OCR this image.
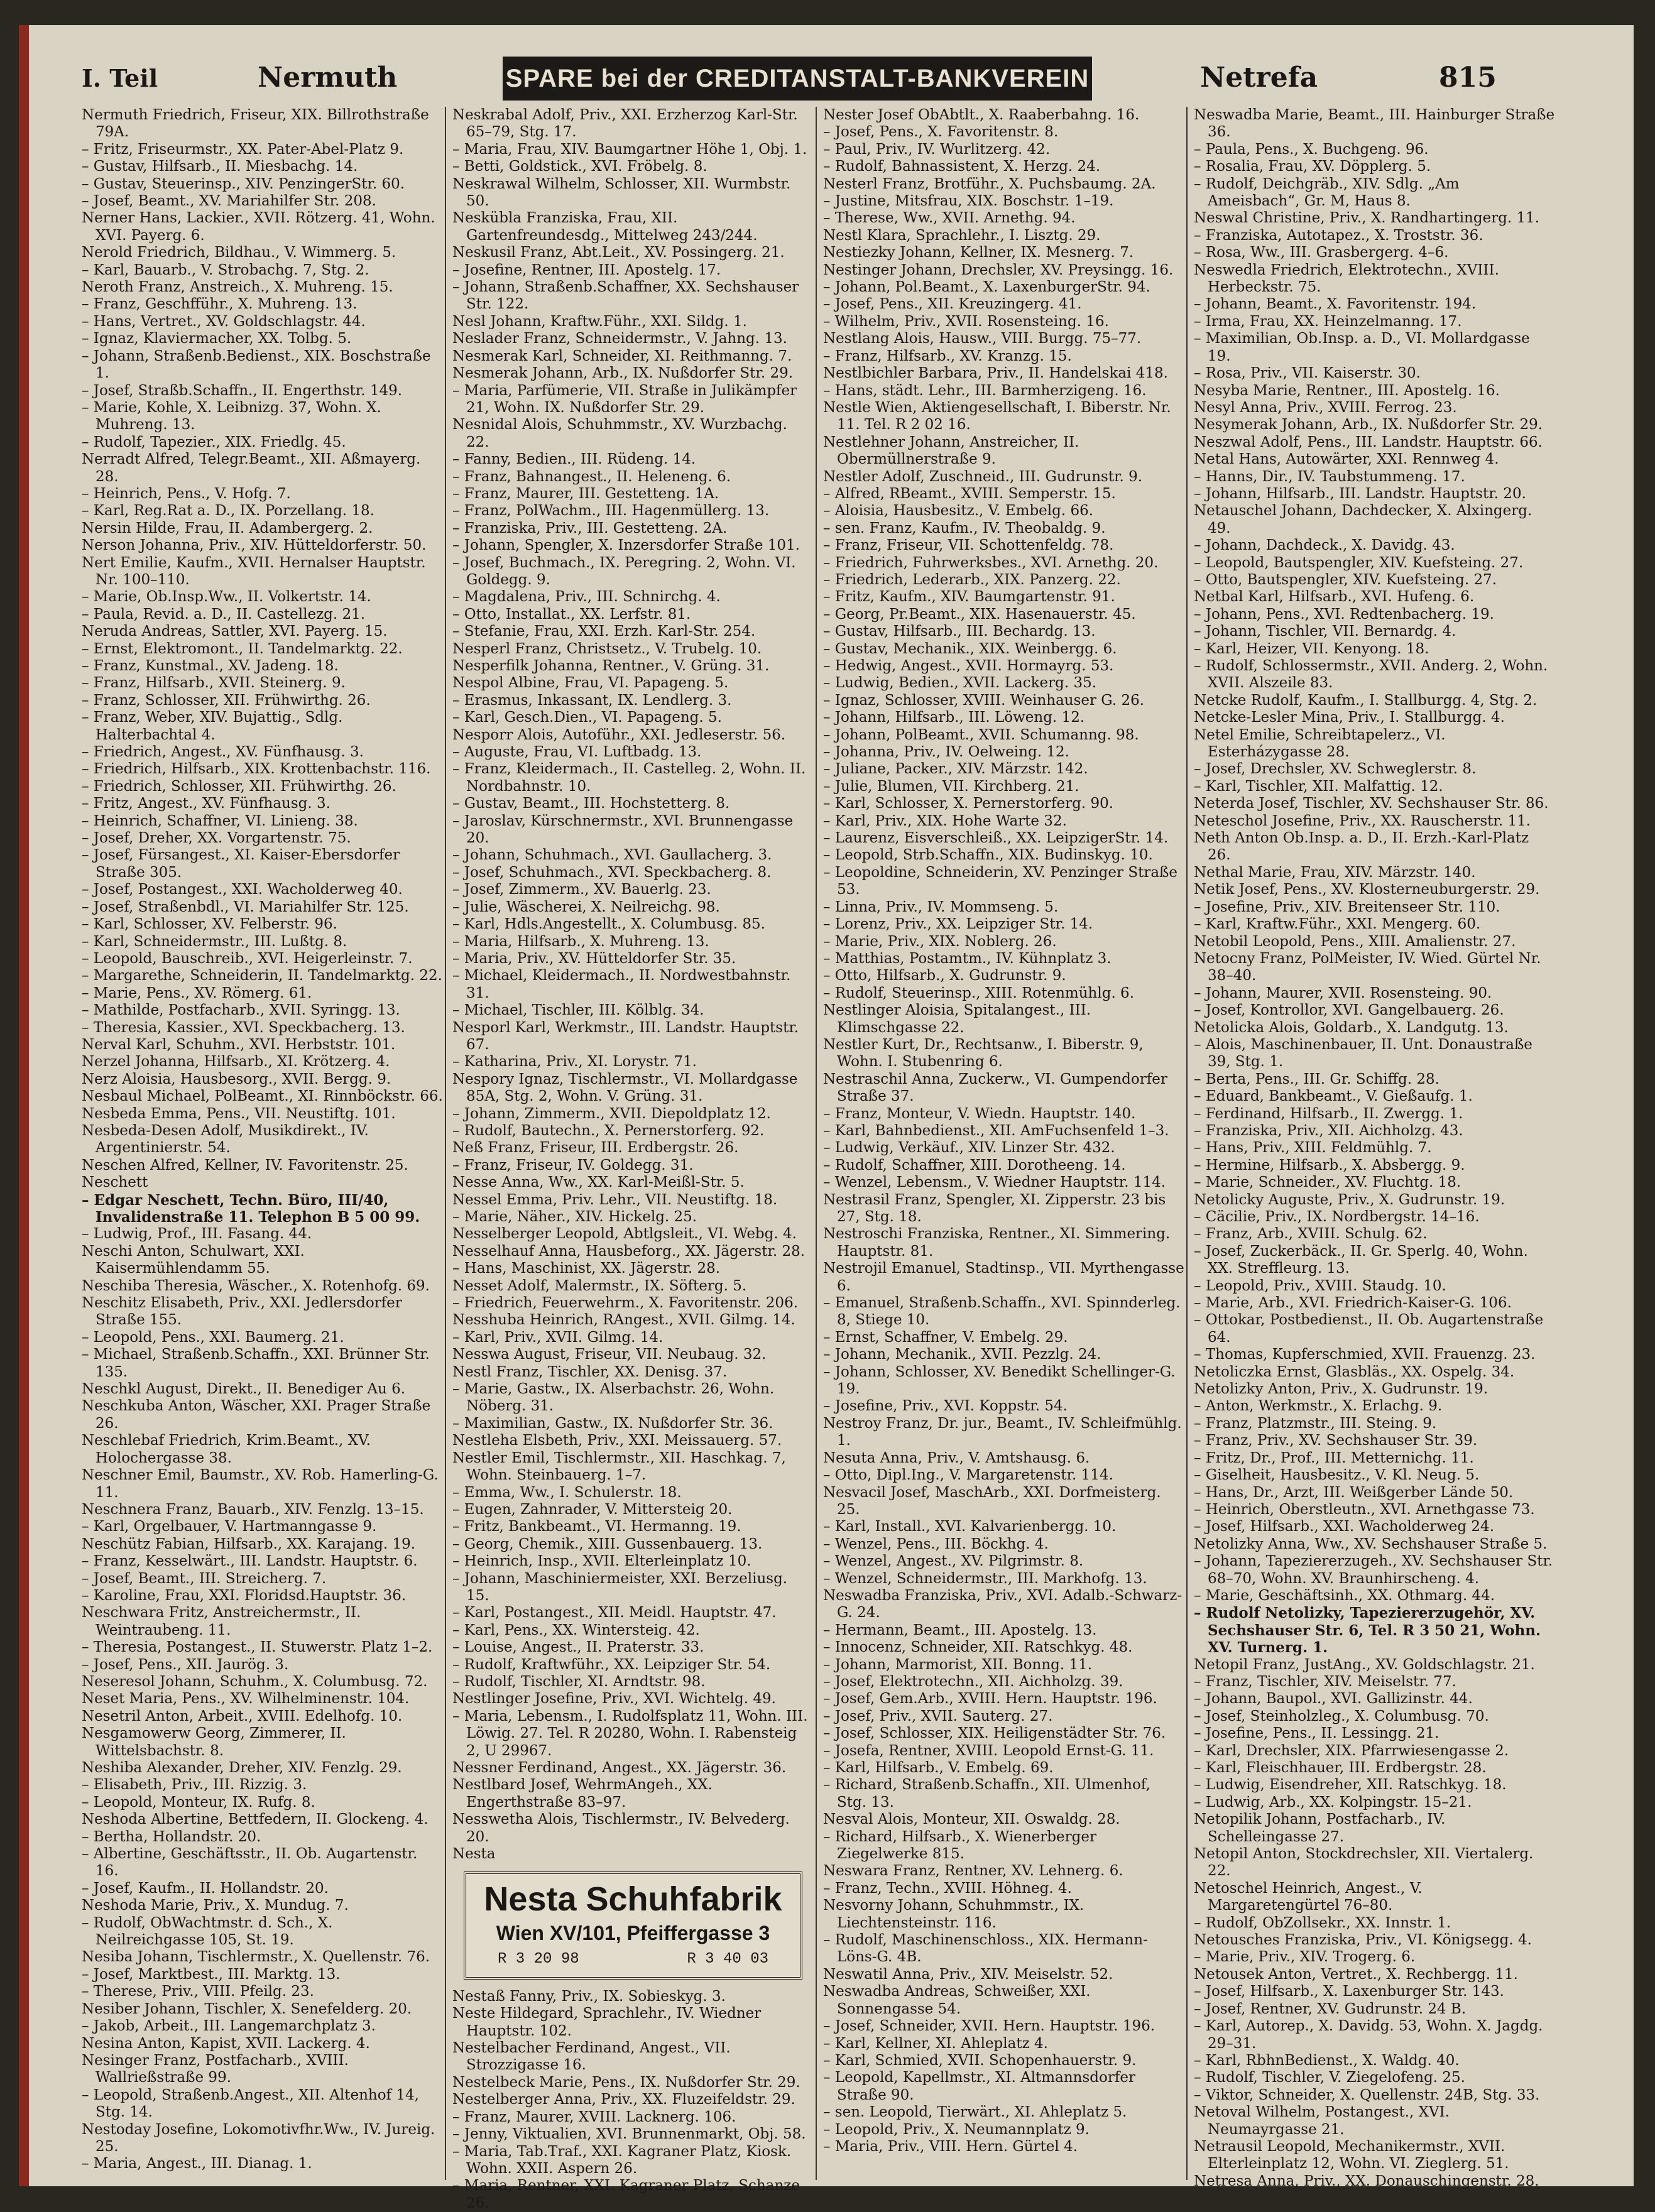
I. Teil	Nermuth	SPARE bei der CREDITANSTALT-BANKVEREIN	Netrefa	815

Nermuth Friedrich, Friseur, XIX. Billrothstraße 79A.

– Fritz, Friseurmstr., XX. Pater-Abel-Platz 9.

– Gustav, Hilfsarb., II. Miesbachg. 14.

– Gustav, Steuerinsp., XIV. PenzingerStr. 60.

– Josef, Beamt., XV. Mariahilfer Str. 208.

Nerner Hans, Lackier., XVII. Rötzerg. 41, Wohn. XVI. Payerg. 6.

Nerold Friedrich, Bildhau., V. Wimmerg. 5.

– Karl, Bauarb., V. Strobachg. 7, Stg. 2.

Neroth Franz, Anstreich., X. Muhreng. 15.

– Franz, Geschfführ., X. Muhreng. 13.

– Hans, Vertret., XV. Goldschlagstr. 44.

– Ignaz, Klaviermacher, XX. Tolbg. 5.

– Johann, Straßenb.Bedienst., XIX. Boschstraße 1.

– Josef, Straßb.Schaffn., II. Engerthstr. 149.

– Marie, Kohle, X. Leibnizg. 37, Wohn. X. Muhreng. 13.

– Rudolf, Tapezier., XIX. Friedlg. 45.

Nerradt Alfred, Telegr.Beamt., XII. Aßmayerg. 28.

– Heinrich, Pens., V. Hofg. 7.

– Karl, Reg.Rat a. D., IX. Porzellang. 18.

Nersin Hilde, Frau, II. Adambergerg. 2.

Nerson Johanna, Priv., XIV. Hütteldorferstr. 50.

Nert Emilie, Kaufm., XVII. Hernalser Hauptstr. Nr. 100–110.

– Marie, Ob.Insp.Ww., II. Volkertstr. 14.

– Paula, Revid. a. D., II. Castellezg. 21.

Neruda Andreas, Sattler, XVI. Payerg. 15.

– Ernst, Elektromont., II. Tandelmarktg. 22.

– Franz, Kunstmal., XV. Jadeng. 18.

– Franz, Hilfsarb., XVII. Steinerg. 9.

– Franz, Schlosser, XII. Frühwirthg. 26.

– Franz, Weber, XIV. Bujattig., Sdlg. Halterbachtal 4.

– Friedrich, Angest., XV. Fünfhausg. 3.

– Friedrich, Hilfsarb., XIX. Krottenbachstr. 116.

– Friedrich, Schlosser, XII. Frühwirthg. 26.

– Fritz, Angest., XV. Fünfhausg. 3.

– Heinrich, Schaffner, VI. Linieng. 38.

– Josef, Dreher, XX. Vorgartenstr. 75.

– Josef, Fürsangest., XI. Kaiser-Ebersdorfer Straße 305.

– Josef, Postangest., XXI. Wacholderweg 40.

– Josef, Straßenbdl., VI. Mariahilfer Str. 125.

– Karl, Schlosser, XV. Felberstr. 96.

– Karl, Schneidermstr., III. Lußtg. 8.

– Leopold, Bauschreib., XVI. Heigerleinstr. 7.

– Margarethe, Schneiderin, II. Tandelmarktg. 22.

– Marie, Pens., XV. Römerg. 61.

– Mathilde, Postfacharb., XVII. Syringg. 13.

– Theresia, Kassier., XVI. Speckbacherg. 13.

Nerval Karl, Schuhm., XVI. Herbststr. 101.

Nerzel Johanna, Hilfsarb., XI. Krötzerg. 4.

Nerz Aloisia, Hausbesorg., XVII. Bergg. 9.

Nesbaul Michael, PolBeamt., XI. Rinnböckstr. 66.

Nesbeda Emma, Pens., VII. Neustiftg. 101.

Nesbeda-Desen Adolf, Musikdirekt., IV. Argentinierstr. 54.

Neschen Alfred, Kellner, IV. Favoritenstr. 25.

Neschett

– Edgar Neschett, Techn. Büro, III/40, Invalidenstraße 11. Telephon B 5 00 99.

– Ludwig, Prof., III. Fasang. 44.

Neschi Anton, Schulwart, XXI. Kaisermühlendamm 55.

Neschiba Theresia, Wäscher., X. Rotenhofg. 69.

Neschitz Elisabeth, Priv., XXI. Jedlersdorfer Straße 155.

– Leopold, Pens., XXI. Baumerg. 21.

– Michael, Straßenb.Schaffn., XXI. Brünner Str. 135.

Neschkl August, Direkt., II. Benediger Au 6.

Neschkuba Anton, Wäscher, XXI. Prager Straße 26.

Neschlebaf Friedrich, Krim.Beamt., XV. Holochergasse 38.

Neschner Emil, Baumstr., XV. Rob. Hamerling-G. 11.

Neschnera Franz, Bauarb., XIV. Fenzlg. 13–15.

– Karl, Orgelbauer, V. Hartmanngasse 9.

Neschütz Fabian, Hilfsarb., XX. Karajang. 19.

– Franz, Kesselwärt., III. Landstr. Hauptstr. 6.

– Josef, Beamt., III. Streicherg. 7.

– Karoline, Frau, XXI. Floridsd.Hauptstr. 36.

Neschwara Fritz, Anstreichermstr., II. Weintraubeng. 11.

– Theresia, Postangest., II. Stuwerstr. Platz 1–2.

– Josef, Pens., XII. Jaurög. 3.

Neseresol Johann, Schuhm., X. Columbusg. 72.

Neset Maria, Pens., XV. Wilhelminenstr. 104.

Nesetril Anton, Arbeit., XVIII. Edelhofg. 10.

Nesgamowerw Georg, Zimmerer, II. Wittelsbachstr. 8.

Neshiba Alexander, Dreher, XIV. Fenzlg. 29.

– Elisabeth, Priv., III. Rizzig. 3.

– Leopold, Monteur, IX. Rufg. 8.

Neshoda Albertine, Bettfedern, II. Glockeng. 4.

– Bertha, Hollandstr. 20.

– Albertine, Geschäftsstr., II. Ob. Augartenstr. 16.

– Josef, Kaufm., II. Hollandstr. 20.

Neshoda Marie, Priv., X. Mundug. 7.

– Rudolf, ObWachtmstr. d. Sch., X. Neilreichgasse 105, St. 19.

Nesiba Johann, Tischlermstr., X. Quellenstr. 76.

– Josef, Marktbest., III. Marktg. 13.

– Therese, Priv., VIII. Pfeilg. 23.

Nesiber Johann, Tischler, X. Senefelderg. 20.

– Jakob, Arbeit., III. Langemarchplatz 3.

Nesina Anton, Kapist, XVII. Lackerg. 4.

Nesinger Franz, Postfacharb., XVIII. Wallrießstraße 99.

– Leopold, Straßenb.Angest., XII. Altenhof 14, Stg. 14.

Nestoday Josefine, Lokomotivfhr.Ww., IV. Jureig. 25.

– Maria, Angest., III. Dianag. 1.

Neskrabal Adolf, Priv., XXI. Erzherzog Karl-Str. 65–79, Stg. 17.

– Maria, Frau, XIV. Baumgartner Höhe 1, Obj. 1.

– Betti, Goldstick., XVI. Fröbelg. 8.

Neskrawal Wilhelm, Schlosser, XII. Wurmbstr. 50.

Neskübla Franziska, Frau, XII. Gartenfreundesdg., Mittelweg 243/244.

Neskusil Franz, Abt.Leit., XV. Possingerg. 21.

– Josefine, Rentner, III. Apostelg. 17.

– Johann, Straßenb.Schaffner, XX. Sechshauser Str. 122.

Nesl Johann, Kraftw.Führ., XXI. Sildg. 1.

Neslader Franz, Schneidermstr., V. Jahng. 13.

Nesmerak Karl, Schneider, XI. Reithmanng. 7.

Nesmerak Johann, Arb., IX. Nußdorfer Str. 29.

– Maria, Parfümerie, VII. Straße in Julikämpfer 21, Wohn. IX. Nußdorfer Str. 29.

Nesnidal Alois, Schuhmmstr., XV. Wurzbachg. 22.

– Fanny, Bedien., III. Rüdeng. 14.

– Franz, Bahnangest., II. Heleneng. 6.

– Franz, Maurer, III. Gestetteng. 1A.

– Franz, PolWachm., III. Hagenmüllerg. 13.

– Franziska, Priv., III. Gestetteng. 2A.

– Johann, Spengler, X. Inzersdorfer Straße 101.

– Josef, Buchmach., IX. Peregring. 2, Wohn. VI. Goldegg. 9.

– Magdalena, Priv., III. Schnirchg. 4.

– Otto, Installat., XX. Lerfstr. 81.

– Stefanie, Frau, XXI. Erzh. Karl-Str. 254.

Nesperl Franz, Christsetz., V. Trubelg. 10.

Nesperfilk Johanna, Rentner., V. Grüng. 31.

Nespol Albine, Frau, VI. Papageng. 5.

– Erasmus, Inkassant, IX. Lendlerg. 3.

– Karl, Gesch.Dien., VI. Papageng. 5.

Nesporr Alois, Autoführ., XXI. Jedleserstr. 56.

– Auguste, Frau, VI. Luftbadg. 13.

– Franz, Kleidermach., II. Castelleg. 2, Wohn. II. Nordbahnstr. 10.

– Gustav, Beamt., III. Hochstetterg. 8.

– Jaroslav, Kürschnermstr., XVI. Brunnengasse 20.

– Johann, Schuhmach., XVI. Gaullacherg. 3.

– Josef, Schuhmach., XVI. Speckbacherg. 8.

– Josef, Zimmerm., XV. Bauerlg. 23.

– Julie, Wäscherei, X. Neilreichg. 98.

– Karl, Hdls.Angestellt., X. Columbusg. 85.

– Maria, Hilfsarb., X. Muhreng. 13.

– Maria, Priv., XV. Hütteldorfer Str. 35.

– Michael, Kleidermach., II. Nordwestbahnstr. 31.

– Michael, Tischler, III. Kölblg. 34.

Nesporl Karl, Werkmstr., III. Landstr. Hauptstr. 67.

– Katharina, Priv., XI. Lorystr. 71.

Nespory Ignaz, Tischlermstr., VI. Mollardgasse 85A, Stg. 2, Wohn. V. Grüng. 31.

– Johann, Zimmerm., XVII. Diepoldplatz 12.

– Rudolf, Bautechn., X. Pernerstorferg. 92.

Neß Franz, Friseur, III. Erdbergstr. 26.

– Franz, Friseur, IV. Goldegg. 31.

Nesse Anna, Ww., XX. Karl-Meißl-Str. 5.

Nessel Emma, Priv. Lehr., VII. Neustiftg. 18.

– Marie, Näher., XIV. Hickelg. 25.

Nesselberger Leopold, Abtlgsleit., VI. Webg. 4.

Nesselhauf Anna, Hausbeforg., XX. Jägerstr. 28.

– Hans, Maschinist, XX. Jägerstr. 28.

Nesset Adolf, Malermstr., IX. Söfterg. 5.

– Friedrich, Feuerwehrm., X. Favoritenstr. 206.

Nesshuba Heinrich, RAngest., XVII. Gilmg. 14.

– Karl, Priv., XVII. Gilmg. 14.

Nesswa August, Friseur, VII. Neubaug. 32.

Nestl Franz, Tischler, XX. Denisg. 37.

– Marie, Gastw., IX. Alserbachstr. 26, Wohn. Nöberg. 31.

– Maximilian, Gastw., IX. Nußdorfer Str. 36.

Nestleha Elsbeth, Priv., XXI. Meissauerg. 57.

Nestler Emil, Tischlermstr., XII. Haschkag. 7, Wohn. Steinbauerg. 1–7.

– Emma, Ww., I. Schulerstr. 18.

– Eugen, Zahnrader, V. Mittersteig 20.

– Fritz, Bankbeamt., VI. Hermanng. 19.

– Georg, Chemik., XIII. Gussenbauerg. 13.

– Heinrich, Insp., XVII. Elterleinplatz 10.

– Johann, Maschiniermeister, XXI. Berzeliusg. 15.

– Karl, Postangest., XII. Meidl. Hauptstr. 47.

– Karl, Pens., XX. Wintersteig. 42.

– Louise, Angest., II. Praterstr. 33.

– Rudolf, Kraftwführ., XX. Leipziger Str. 54.

– Rudolf, Tischler, XI. Arndtstr. 98.

Nestlinger Josefine, Priv., XVI. Wichtelg. 49.

– Maria, Lebensm., I. Rudolfsplatz 11, Wohn. III. Löwig. 27. Tel. R 20280, Wohn. I. Rabensteig 2, U 29967.

Nessner Ferdinand, Angest., XX. Jägerstr. 36.

Nestlbard Josef, WehrmAngeh., XX. Engerthstraße 83–97.

Nesswetha Alois, Tischlermstr., IV. Belvederg. 20.

Nesta

Nesta Schuhfabrik
Wien XV/101, Pfeiffergasse 3
R 3 20 98	R 3 40 03

Nestaß Fanny, Priv., IX. Sobieskyg. 3.

Neste Hildegard, Sprachlehr., IV. Wiedner Hauptstr. 102.

Nestelbacher Ferdinand, Angest., VII. Strozzigasse 16.

Nestelbeck Marie, Pens., IX. Nußdorfer Str. 29.

Nestelberger Anna, Priv., XX. Fluzeifeldstr. 29.

– Franz, Maurer, XVIII. Lacknerg. 106.

– Jenny, Viktualien, XVI. Brunnenmarkt, Obj. 58.

– Maria, Tab.Traf., XXI. Kagraner Platz, Kiosk. Wohn. XXII. Aspern 26.

– Maria, Rentner, XXI. Kagraner Platz, Schanze 26.

Nester Josef ObAbtlt., X. Raaberbahng. 16.

– Josef, Pens., X. Favoritenstr. 8.

– Paul, Priv., IV. Wurlitzerg. 42.

– Rudolf, Bahnassistent, X. Herzg. 24.

Nesterl Franz, Brotführ., X. Puchsbaumg. 2A.

– Justine, Mitsfrau, XIX. Boschstr. 1–19.

– Therese, Ww., XVII. Arnethg. 94.

Nestl Klara, Sprachlehr., I. Lisztg. 29.

Nestiezky Johann, Kellner, IX. Mesnerg. 7.

Nestinger Johann, Drechsler, XV. Preysingg. 16.

– Johann, Pol.Beamt., X. LaxenburgerStr. 94.

– Josef, Pens., XII. Kreuzingerg. 41.

– Wilhelm, Priv., XVII. Rosensteing. 16.

Nestlang Alois, Hausw., VIII. Burgg. 75–77.

– Franz, Hilfsarb., XV. Kranzg. 15.

Nestlbichler Barbara, Priv., II. Handelskai 418.

– Hans, städt. Lehr., III. Barmherzigeng. 16.

Nestle Wien, Aktiengesellschaft, I. Biberstr. Nr. 11. Tel. R 2 02 16.

Nestlehner Johann, Anstreicher, II. Obermüllnerstraße 9.

Nestler Adolf, Zuschneid., III. Gudrunstr. 9.

– Alfred, RBeamt., XVIII. Semperstr. 15.

– Aloisia, Hausbesitz., V. Embelg. 66.

– sen. Franz, Kaufm., IV. Theobaldg. 9.

– Franz, Friseur, VII. Schottenfeldg. 78.

– Friedrich, Fuhrwerksbes., XVI. Arnethg. 20.

– Friedrich, Lederarb., XIX. Panzerg. 22.

– Fritz, Kaufm., XIV. Baumgartenstr. 91.

– Georg, Pr.Beamt., XIX. Hasenauerstr. 45.

– Gustav, Hilfsarb., III. Bechardg. 13.

– Gustav, Mechanik., XIX. Weinbergg. 6.

– Hedwig, Angest., XVII. Hormayrg. 53.

– Ludwig, Bedien., XVII. Lackerg. 35.

– Ignaz, Schlosser, XVIII. Weinhauser G. 26.

– Johann, Hilfsarb., III. Löweng. 12.

– Johann, PolBeamt., XVII. Schumanng. 98.

– Johanna, Priv., IV. Oelweing. 12.

– Juliane, Packer., XIV. Märzstr. 142.

– Julie, Blumen, VII. Kirchberg. 21.

– Karl, Schlosser, X. Pernerstorferg. 90.

– Karl, Priv., XIX. Hohe Warte 32.

– Laurenz, Eisverschleiß., XX. LeipzigerStr. 14.

– Leopold, Strb.Schaffn., XIX. Budinskyg. 10.

– Leopoldine, Schneiderin, XV. Penzinger Straße 53.

– Linna, Priv., IV. Mommseng. 5.

– Lorenz, Priv., XX. Leipziger Str. 14.

– Marie, Priv., XIX. Noblerg. 26.

– Matthias, Postamtm., IV. Kühnplatz 3.

– Otto, Hilfsarb., X. Gudrunstr. 9.

– Rudolf, Steuerinsp., XIII. Rotenmühlg. 6.

Nestlinger Aloisia, Spitalangest., III. Klimschgasse 22.

Nestler Kurt, Dr., Rechtsanw., I. Biberstr. 9, Wohn. I. Stubenring 6.

Nestraschil Anna, Zuckerw., VI. Gumpendorfer Straße 37.

– Franz, Monteur, V. Wiedn. Hauptstr. 140.

– Karl, Bahnbedienst., XII. AmFuchsenfeld 1–3.

– Ludwig, Verkäuf., XIV. Linzer Str. 432.

– Rudolf, Schaffner, XIII. Dorotheeng. 14.

– Wenzel, Lebensm., V. Wiedner Hauptstr. 114.

Nestrasil Franz, Spengler, XI. Zipperstr. 23 bis 27, Stg. 18.

Nestroschi Franziska, Rentner., XI. Simmering. Hauptstr. 81.

Nestrojil Emanuel, Stadtinsp., VII. Myrthengasse 6.

– Emanuel, Straßenb.Schaffn., XVI. Spinnderleg. 8, Stiege 10.

– Ernst, Schaffner, V. Embelg. 29.

– Johann, Mechanik., XVII. Pezzlg. 24.

– Johann, Schlosser, XV. Benedikt Schellinger-G. 19.

– Josefine, Priv., XVI. Koppstr. 54.

Nestroy Franz, Dr. jur., Beamt., IV. Schleifmühlg. 1.

Nesuta Anna, Priv., V. Amtshausg. 6.

– Otto, Dipl.Ing., V. Margaretenstr. 114.

Nesvacil Josef, MaschArb., XXI. Dorfmeisterg. 25.

– Karl, Install., XVI. Kalvarienbergg. 10.

– Wenzel, Pens., III. Böckhg. 4.

– Wenzel, Angest., XV. Pilgrimstr. 8.

– Wenzel, Schneidermstr., III. Markhofg. 13.

Neswadba Franziska, Priv., XVI. Adalb.-Schwarz-G. 24.

– Hermann, Beamt., III. Apostelg. 13.

– Innocenz, Schneider, XII. Ratschkyg. 48.

– Johann, Marmorist, XII. Bonng. 11.

– Josef, Elektrotechn., XII. Aichholzg. 39.

– Josef, Gem.Arb., XVIII. Hern. Hauptstr. 196.

– Josef, Priv., XVII. Sauterg. 27.

– Josef, Schlosser, XIX. Heiligenstädter Str. 76.

– Josefa, Rentner, XVIII. Leopold Ernst-G. 11.

– Karl, Hilfsarb., V. Embelg. 69.

– Richard, Straßenb.Schaffn., XII. Ulmenhof, Stg. 13.

Nesval Alois, Monteur, XII. Oswaldg. 28.

– Richard, Hilfsarb., X. Wienerberger Ziegelwerke 815.

Neswara Franz, Rentner, XV. Lehnerg. 6.

– Franz, Techn., XVIII. Höhneg. 4.

Nesvorny Johann, Schuhmmstr., IX. Liechtensteinstr. 116.

– Rudolf, Maschinenschloss., XIX. Hermann-Löns-G. 4B.

Neswatil Anna, Priv., XIV. Meiselstr. 52.

Neswadba Andreas, Schweißer, XXI. Sonnengasse 54.

– Josef, Schneider, XVII. Hern. Hauptstr. 196.

– Karl, Kellner, XI. Ahleplatz 4.

– Karl, Schmied, XVII. Schopenhauerstr. 9.

– Leopold, Kapellmstr., XI. Altmannsdorfer Straße 90.

– sen. Leopold, Tierwärt., XI. Ahleplatz 5.

– Leopold, Priv., X. Neumannplatz 9.

– Maria, Priv., VIII. Hern. Gürtel 4.

Neswadba Marie, Beamt., III. Hainburger Straße 36.

– Paula, Pens., X. Buchgeng. 96.

– Rosalia, Frau, XV. Döpplerg. 5.

– Rudolf, Deichgräb., XIV. Sdlg. „Am Ameisbach“, Gr. M, Haus 8.

Neswal Christine, Priv., X. Randhartingerg. 11.

– Franziska, Autotapez., X. Troststr. 36.

– Rosa, Ww., III. Grasbergerg. 4–6.

Neswedla Friedrich, Elektrotechn., XVIII. Herbeckstr. 75.

– Johann, Beamt., X. Favoritenstr. 194.

– Irma, Frau, XX. Heinzelmanng. 17.

– Maximilian, Ob.Insp. a. D., VI. Mollardgasse 19.

– Rosa, Priv., VII. Kaiserstr. 30.

Nesyba Marie, Rentner., III. Apostelg. 16.

Nesyl Anna, Priv., XVIII. Ferrog. 23.

Nesymerak Johann, Arb., IX. Nußdorfer Str. 29.

Neszwal Adolf, Pens., III. Landstr. Hauptstr. 66.

Netal Hans, Autowärter, XXI. Rennweg 4.

– Hanns, Dir., IV. Taubstummeng. 17.

– Johann, Hilfsarb., III. Landstr. Hauptstr. 20.

Netauschel Johann, Dachdecker, X. Alxingerg. 49.

– Johann, Dachdeck., X. Davidg. 43.

– Leopold, Bautspengler, XIV. Kuefsteing. 27.

– Otto, Bautspengler, XIV. Kuefsteing. 27.

Netbal Karl, Hilfsarb., XVI. Hufeng. 6.

– Johann, Pens., XVI. Redtenbacherg. 19.

– Johann, Tischler, VII. Bernardg. 4.

– Karl, Heizer, VII. Kenyong. 18.

– Rudolf, Schlossermstr., XVII. Anderg. 2, Wohn. XVII. Alszeile 83.

Netcke Rudolf, Kaufm., I. Stallburgg. 4, Stg. 2.

Netcke-Lesler Mina, Priv., I. Stallburgg. 4.

Netel Emilie, Schreibtapelerz., VI. Esterházygasse 28.

– Josef, Drechsler, XV. Schweglerstr. 8.

– Karl, Tischler, XII. Malfattig. 12.

Neterda Josef, Tischler, XV. Sechshauser Str. 86.

Neteschol Josefine, Priv., XX. Rauscherstr. 11.

Neth Anton Ob.Insp. a. D., II. Erzh.-Karl-Platz 26.

Nethal Marie, Frau, XIV. Märzstr. 140.

Netik Josef, Pens., XV. Klosterneuburgerstr. 29.

– Josefine, Priv., XIV. Breitenseer Str. 110.

– Karl, Kraftw.Führ., XXI. Mengerg. 60.

Netobil Leopold, Pens., XIII. Amalienstr. 27.

Netocny Franz, PolMeister, IV. Wied. Gürtel Nr. 38–40.

– Johann, Maurer, XVII. Rosensteing. 90.

– Josef, Kontrollor, XVI. Gangelbauerg. 26.

Netolicka Alois, Goldarb., X. Landgutg. 13.

– Alois, Maschinenbauer, II. Unt. Donaustraße 39, Stg. 1.

– Berta, Pens., III. Gr. Schiffg. 28.

– Eduard, Bankbeamt., V. Gießaufg. 1.

– Ferdinand, Hilfsarb., II. Zwergg. 1.

– Franziska, Priv., XII. Aichholzg. 43.

– Hans, Priv., XIII. Feldmühlg. 7.

– Hermine, Hilfsarb., X. Absbergg. 9.

– Marie, Schneider., XV. Fluchtg. 18.

Netolicky Auguste, Priv., X. Gudrunstr. 19.

– Cäcilie, Priv., IX. Nordbergstr. 14–16.

– Franz, Arb., XVIII. Schulg. 62.

– Josef, Zuckerbäck., II. Gr. Sperlg. 40, Wohn. XX. Streffleurg. 13.

– Leopold, Priv., XVIII. Staudg. 10.

– Marie, Arb., XVI. Friedrich-Kaiser-G. 106.

– Ottokar, Postbedienst., II. Ob. Augartenstraße 64.

– Thomas, Kupferschmied, XVII. Frauenzg. 23.

Netoliczka Ernst, Glasbläs., XX. Ospelg. 34.

Netolizky Anton, Priv., X. Gudrunstr. 19.

– Anton, Werkmstr., X. Erlachg. 9.

– Franz, Platzmstr., III. Steing. 9.

– Franz, Priv., XV. Sechshauser Str. 39.

– Fritz, Dr., Prof., III. Metternichg. 11.

– Giselheit, Hausbesitz., V. Kl. Neug. 5.

– Hans, Dr., Arzt, III. Weißgerber Lände 50.

– Heinrich, Oberstleutn., XVI. Arnethgasse 73.

– Josef, Hilfsarb., XXI. Wacholderweg 24.

Netolizky Anna, Ww., XV. Sechshauser Straße 5.

– Johann, Tapeziererzugeh., XV. Sechshauser Str. 68–70, Wohn. XV. Braunhirscheng. 4.

– Marie, Geschäftsinh., XX. Othmarg. 44.

– Rudolf Netolizky, Tapeziererzugehör, XV. Sechshauser Str. 6, Tel. R 3 50 21, Wohn. XV. Turnerg. 1.

Netopil Franz, JustAng., XV. Goldschlagstr. 21.

– Franz, Tischler, XIV. Meiselstr. 77.

– Johann, Baupol., XVI. Gallizinstr. 44.

– Josef, Steinholzleg., X. Columbusg. 70.

– Josefine, Pens., II. Lessingg. 21.

– Karl, Drechsler, XIX. Pfarrwiesengasse 2.

– Karl, Fleischhauer, III. Erdbergstr. 28.

– Ludwig, Eisendreher, XII. Ratschkyg. 18.

– Ludwig, Arb., XX. Kolpingstr. 15–21.

Netopilik Johann, Postfacharb., IV. Schelleingasse 27.

Netopil Anton, Stockdrechsler, XII. Viertalerg. 22.

Netoschel Heinrich, Angest., V. Margaretengürtel 76–80.

– Rudolf, ObZollsekr., XX. Innstr. 1.

Netousches Franziska, Priv., VI. Königsegg. 4.

– Marie, Priv., XIV. Trogerg. 6.

Netousek Anton, Vertret., X. Rechbergg. 11.

– Josef, Hilfsarb., X. Laxenburger Str. 143.

– Josef, Rentner, XV. Gudrunstr. 24 B.

– Karl, Autorep., X. Davidg. 53, Wohn. X. Jagdg. 29–31.

– Karl, RbhnBedienst., X. Waldg. 40.

– Rudolf, Tischler, V. Ziegelofeng. 25.

– Viktor, Schneider, X. Quellenstr. 24B, Stg. 33.

Netoval Wilhelm, Postangest., XVI. Neumayrgasse 21.

Netrausil Leopold, Mechanikermstr., XVII. Elterleinplatz 12, Wohn. VI. Zieglerg. 51.

Netresa Anna, Priv., XX. Donauschingenstr. 28.
